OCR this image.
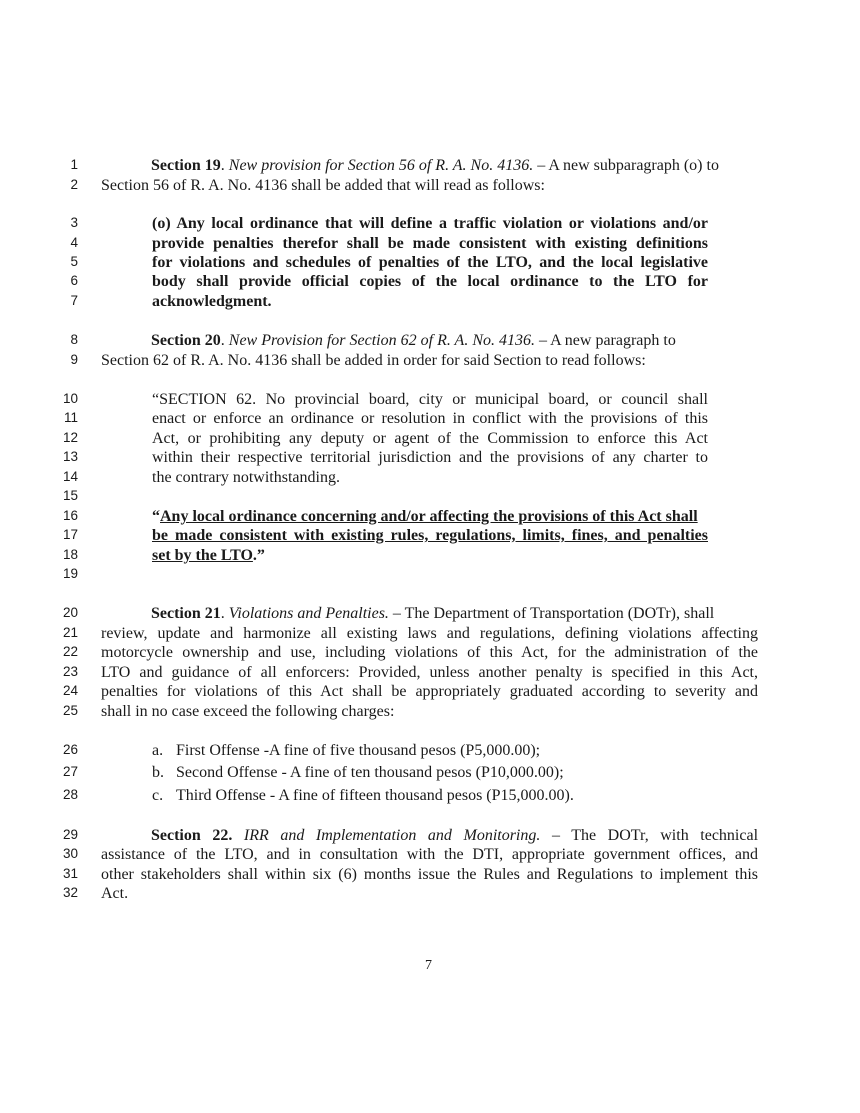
1
2
3
4
5
6
7
8
9
10
11
12
13
14
15
16
17
18
19
20
21
22
23
24
25
26
27
28
29
30
31
32
Section 19. New provision for Section 56 of R. A. No. 4136. – A new subparagraph (o) to
Section 56 of R. A. No. 4136 shall be added that will read as follows:
(o) Any local ordinance that will define a traffic violation or violations and/or
provide penalties therefor shall be made consistent with existing definitions
for violations and schedules of penalties of the LTO, and the local legislative
body shall provide official copies of the local ordinance to the LTO for
acknowledgment.
Section 20. New Provision for Section 62 of R. A. No. 4136. – A new paragraph to
Section 62 of R. A. No. 4136 shall be added in order for said Section to read follows:
“SECTION 62. No provincial board, city or municipal board, or council shall
enact or enforce an ordinance or resolution in conflict with the provisions of this
Act, or prohibiting any deputy or agent of the Commission to enforce this Act
within their respective territorial jurisdiction and the provisions of any charter to
the contrary notwithstanding.
“Any local ordinance concerning and/or affecting the provisions of this Act shall
be made consistent with existing rules, regulations, limits, fines, and penalties
set by the LTO.”
Section 21. Violations and Penalties. – The Department of Transportation (DOTr), shall
review, update and harmonize all existing laws and regulations, defining violations affecting
motorcycle ownership and use, including violations of this Act, for the administration of the
LTO and guidance of all enforcers: Provided, unless another penalty is specified in this Act,
penalties for violations of this Act shall be appropriately graduated according to severity and
shall in no case exceed the following charges:
a. First Offense -A fine of five thousand pesos (P5,000.00);
b. Second Offense - A fine of ten thousand pesos (P10,000.00);
c. Third Offense - A fine of fifteen thousand pesos (P15,000.00).
Section 22. IRR and Implementation and Monitoring. – The DOTr, with technical
assistance of the LTO, and in consultation with the DTI, appropriate government offices, and
other stakeholders shall within six (6) months issue the Rules and Regulations to implement this
Act.
7
